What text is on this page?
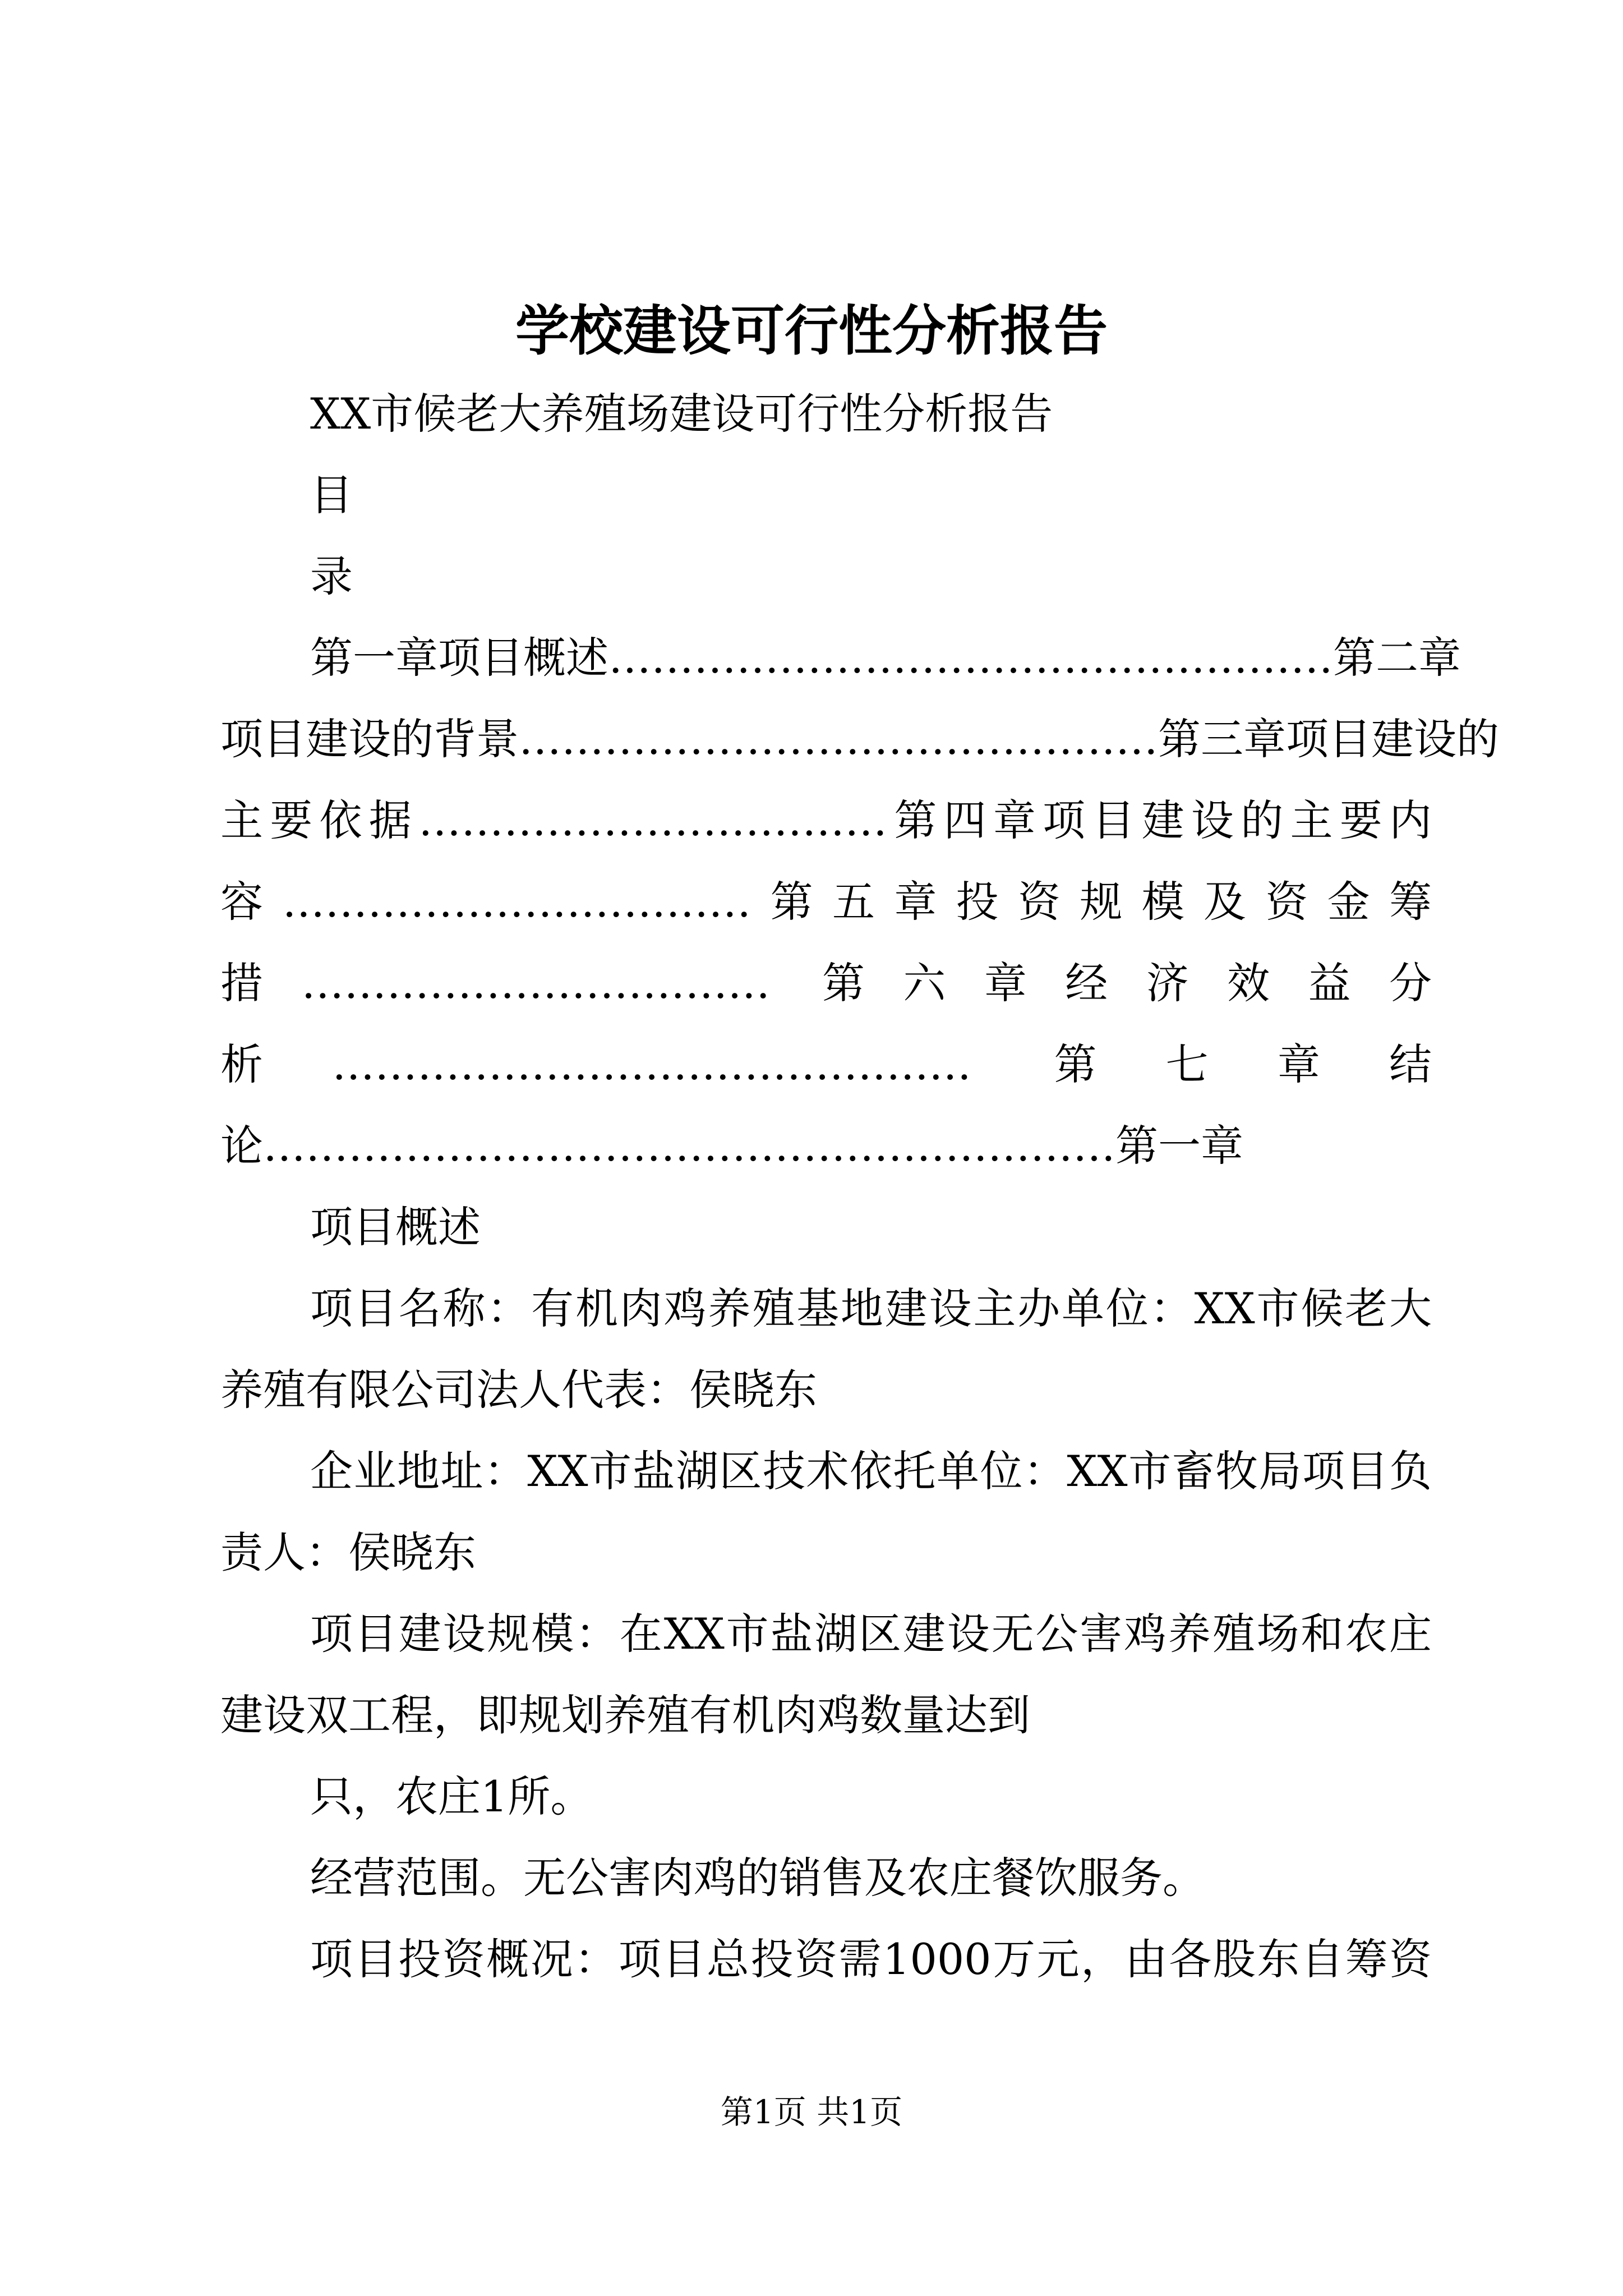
学校建设可行性分析报告
XX市候老大养殖场建设可行性分析报告
目
录
第一章项目概述……………………………………………第二章
项目建设的背景………………………………………第三章项目建设的
主要依据……………………………第四章项目建设的主要内
容……………………………第五章投资规模及资金筹
措…………………………… 第六章经济效益分
析……………………………………… 第七章结
论……………………………………………………第一章
项目概述
项目名称：有机肉鸡养殖基地建设主办单位：XX市候老大
养殖有限公司法人代表：侯晓东
企业地址：XX市盐湖区技术依托单位：XX市畜牧局项目负
责人：侯晓东
项目建设规模：在XX市盐湖区建设无公害鸡养殖场和农庄
建设双工程，即规划养殖有机肉鸡数量达到
只，农庄1所。
经营范围。无公害肉鸡的销售及农庄餐饮服务。
项目投资概况：项目总投资需1000万元，由各股东自筹资
第1页 共1页
